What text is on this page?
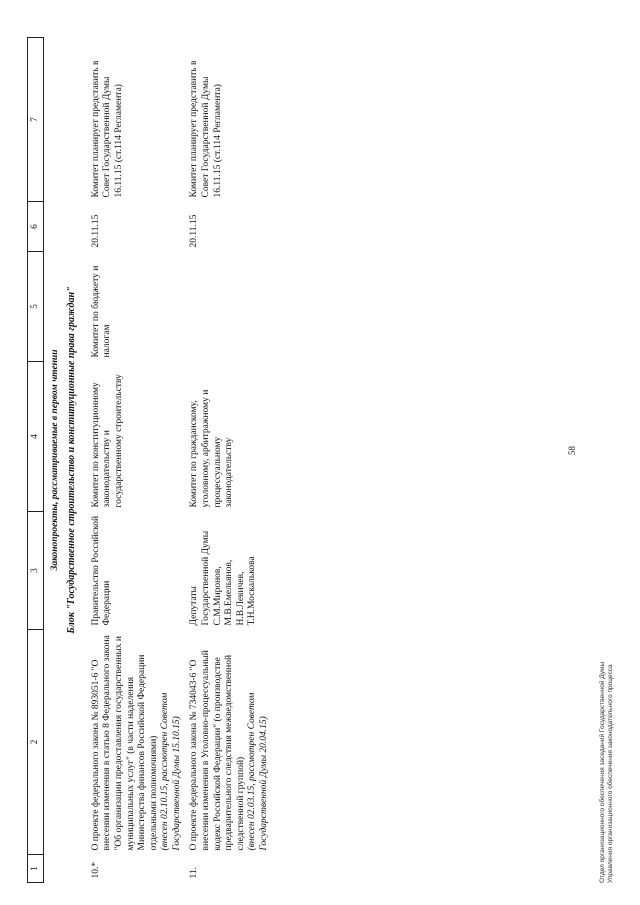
1	2	3	4	5	6	7
Законопроекты, рассматриваемые в первом чтении						
Блок "Государственное строительство и конституционные права граждан"						
10.*	О проекте федерального закона № 893051-6 "О внесении изменения в статью 8 Федерального закона "Об организации предоставления государственных и муниципальных услуг" (в части наделения Министерства финансов Российской Федерации отдельными полномочиями) (внесен 02.10.15, рассмотрен Советом Государственной Думы 15.10.15)	Правительство Российской Федерации	Комитет по конституционному законодательству и государственному строительству	Комитет по бюджету и налогам	20.11.15	Комитет планирует представить в Совет Государственной Думы 16.11.15 (ст.114 Регламента)
11.	О проекте федерального закона № 734043-6 "О внесении изменения в Уголовно-процессуальный кодекс Российской Федерации" (о производстве предварительного следствия межведомственной следственной группой) (внесен 02.03.15, рассмотрен Советом Государственной Думы 20.04.15)	Депутаты Государственной Думы С.М.Миронов, М.В.Емельянов, Н.В.Левичев, Т.Н.Москалькова	Комитет по гражданскому, уголовному, арбитражному и процессуальному законодательству		20.11.15	Комитет планирует представить в Совет Государственной Думы 16.11.15 (ст.114 Регламента)
58
Отдел организационного обеспечения заседаний Государственной Думы Управления организационного обеспечения законодательного процесса
